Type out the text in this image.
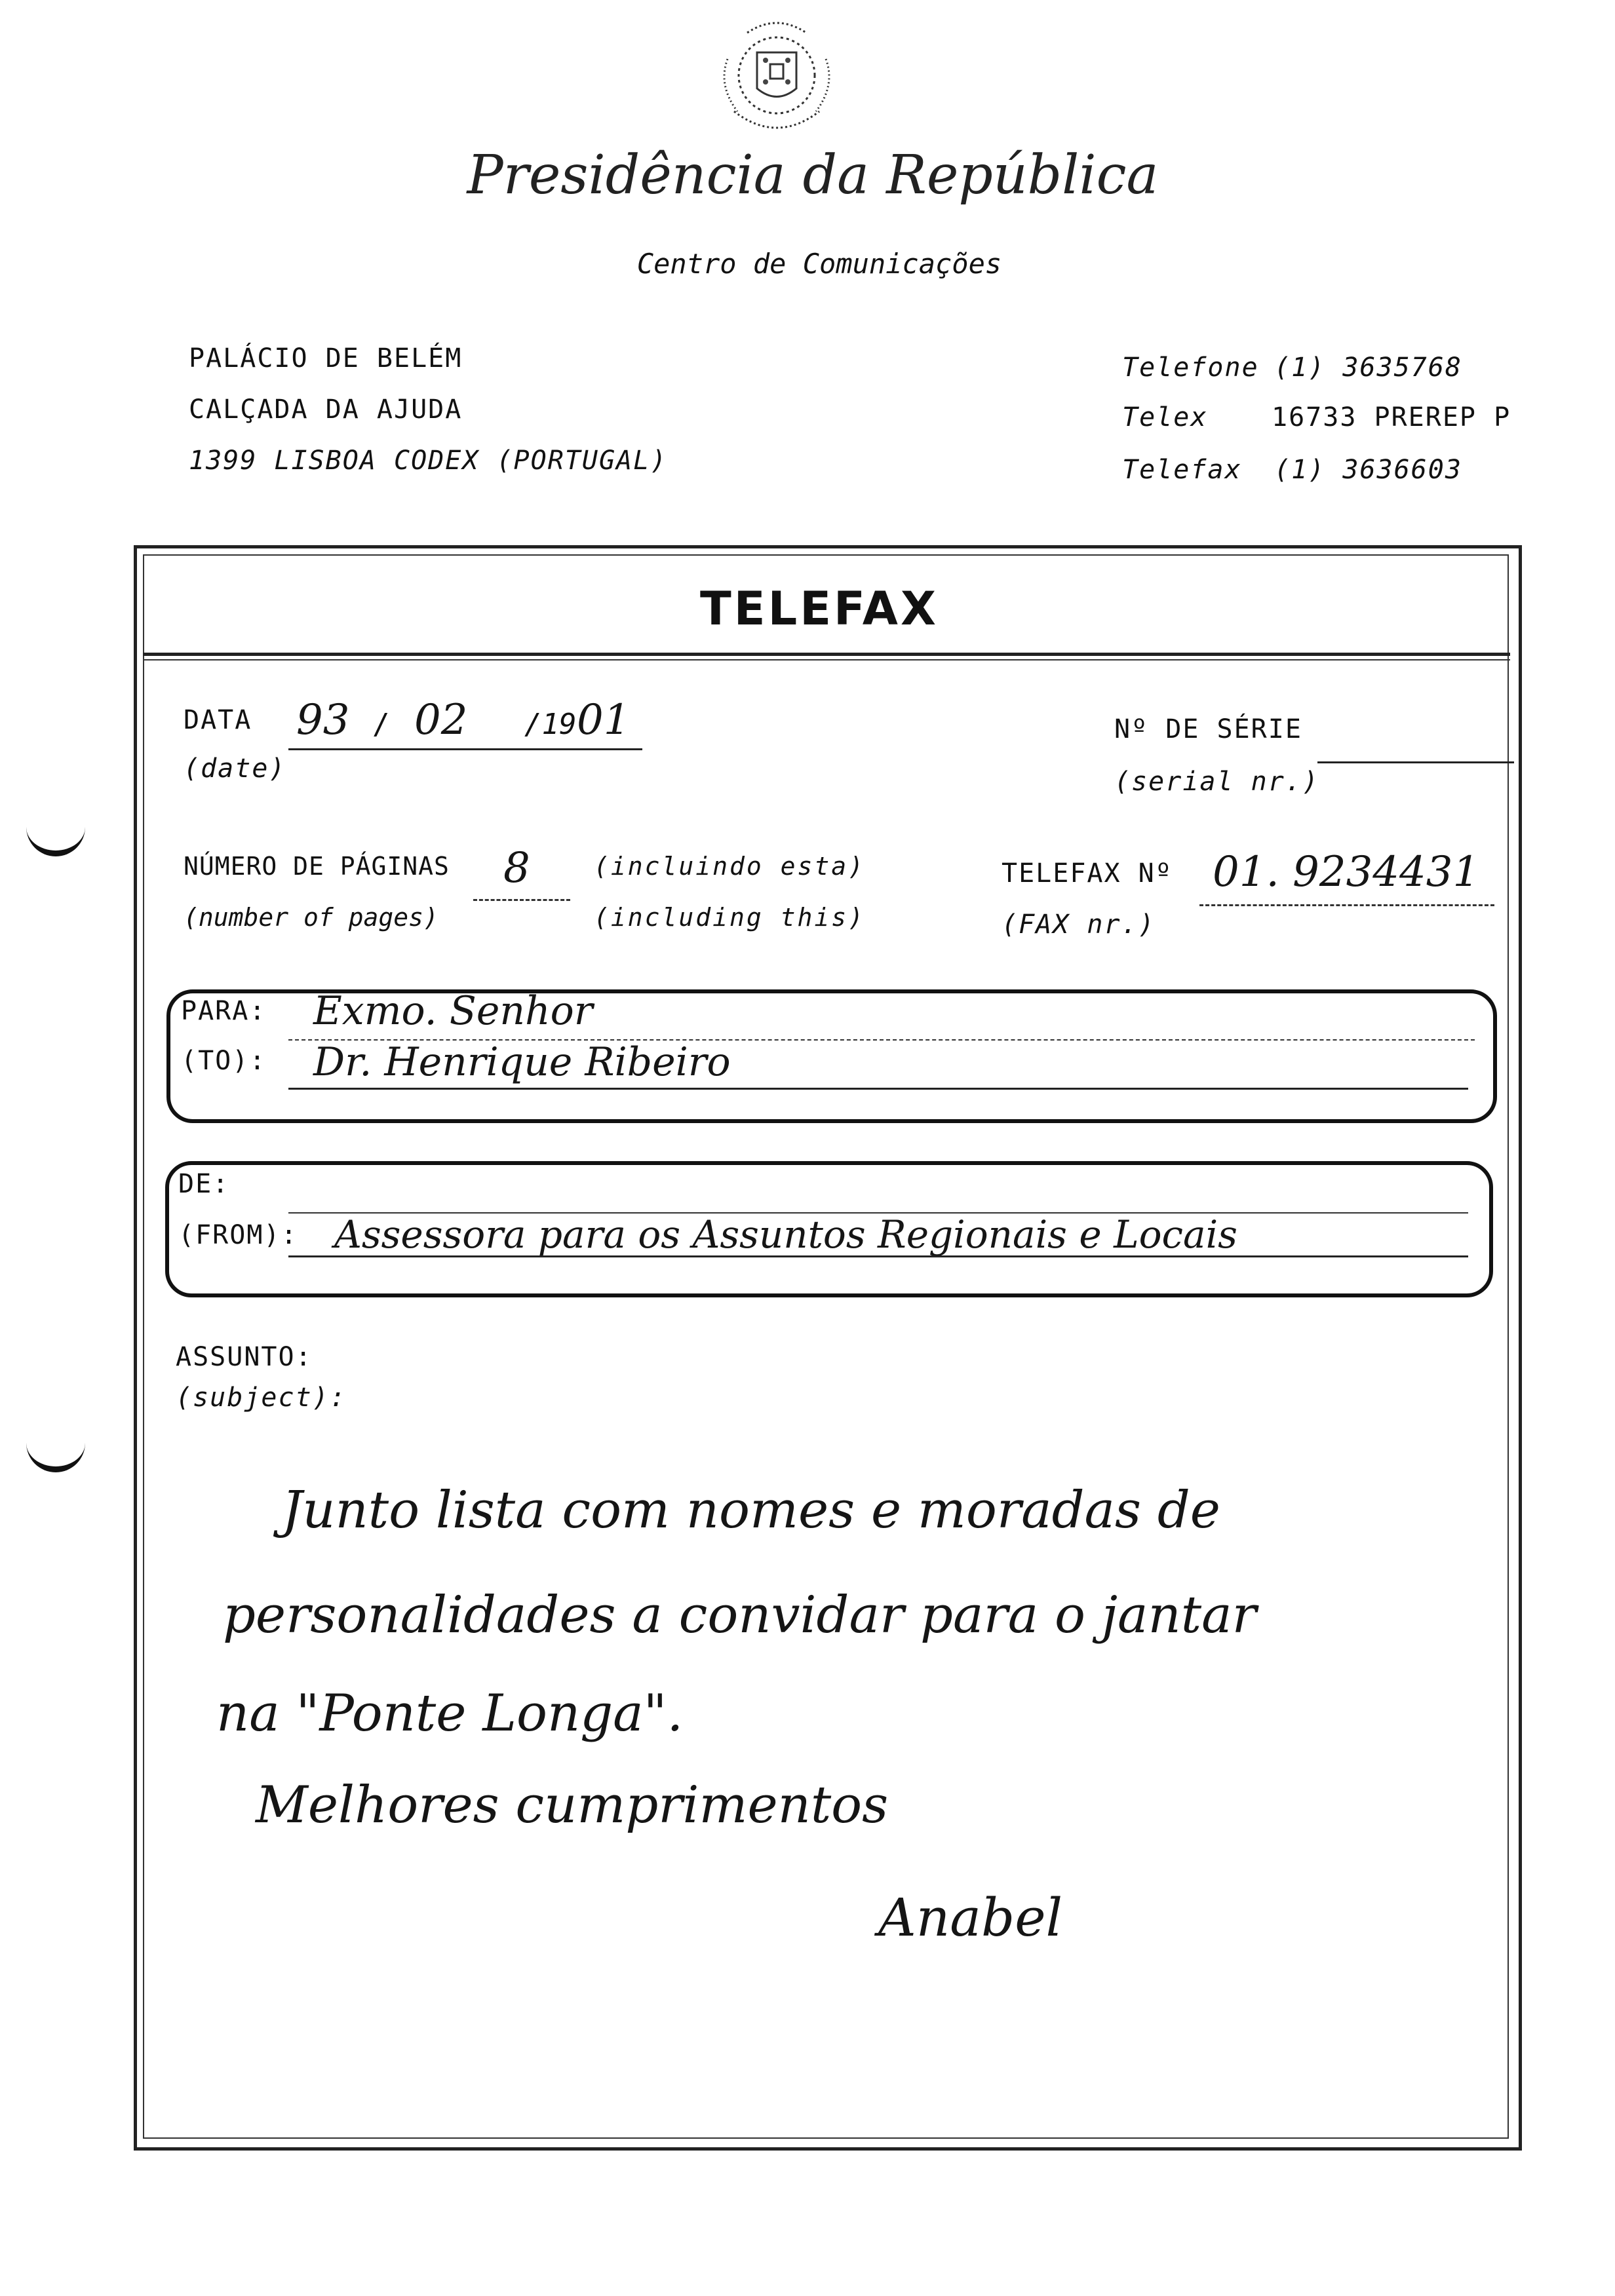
Presidência da República
Centro de Comunicações
PALÁCIO DE BELÉM
CALÇADA DA AJUDA
1399 LISBOA CODEX (PORTUGAL)
Telefone (1) 3635768
Telex 16733 PREREP P
Telefax (1) 3636603
TELEFAX
DATA
(date)
93 / 02 /19 01	Nº DE SÉRIE
(serial nr.)
NÚMERO DE PÁGINAS
(number of pages)
8	(incluindo esta)
(including this)
TELEFAX Nº
(FAX nr.)
01. 9234431
PARA:
(TO):
Exmo. Senhor
Dr. Henrique Ribeiro
DE:
(FROM): Assessora para os Assuntos Regionais e Locais
ASSUNTO:
(subject):
Junto lista com nomes e moradas de
personalidades a convidar para o jantar
na "Ponte Longa".
Melhores cumprimentos
Anabel
